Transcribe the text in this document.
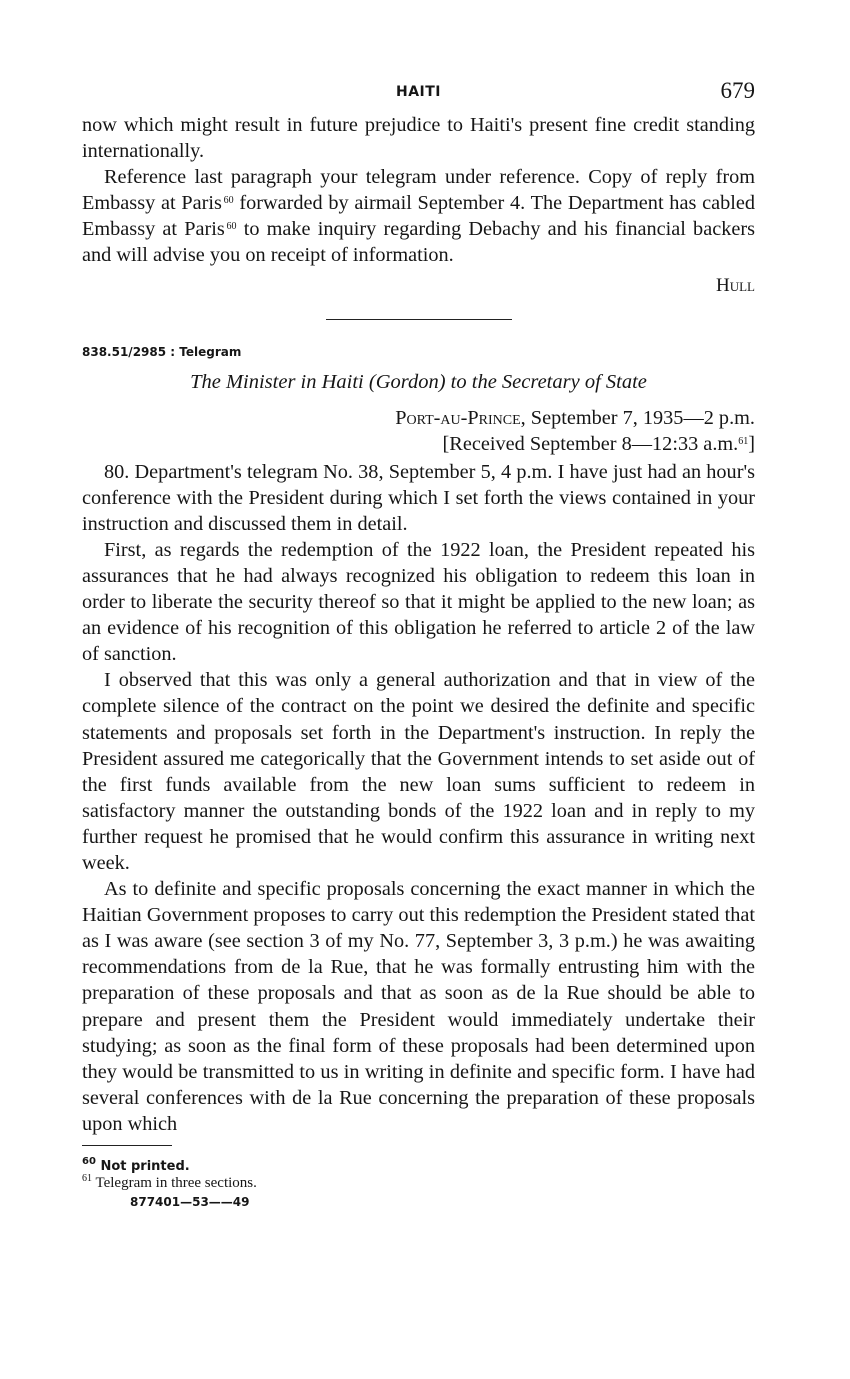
HAITI	679

now which might result in future prejudice to Haiti's present fine credit standing internationally.

Reference last paragraph your telegram under reference. Copy of reply from Embassy at Paris  $^{60}$ forwarded by airmail September 4. The Department has cabled Embassy at Paris  $^{60}$ to make inquiry regarding Debachy and his financial backers and will advise you on receipt of information.

Hull
838.51/2985 : Telegram
The Minister in Haiti (Gordon) to the Secretary of State
Port-au-Prince, September 7, 1935—2 p.m.
[Received September 8—12:33 a.m.$^{61}$]

80. Department's telegram No. 38, September 5, 4 p.m. I have just had an hour's conference with the President during which I set forth the views contained in your instruction and discussed them in detail.

First, as regards the redemption of the 1922 loan, the President repeated his assurances that he had always recognized his obligation to redeem this loan in order to liberate the security thereof so that it might be applied to the new loan; as an evidence of his recognition of this obligation he referred to article 2 of the law of sanction.

I observed that this was only a general authorization and that in view of the complete silence of the contract on the point we desired the definite and specific statements and proposals set forth in the Department's instruction. In reply the President assured me categorically that the Government intends to set aside out of the first funds available from the new loan sums sufficient to redeem in satisfactory manner the outstanding bonds of the 1922 loan and in reply to my further request he promised that he would confirm this assurance in writing next week.

As to definite and specific proposals concerning the exact manner in which the Haitian Government proposes to carry out this redemption the President stated that as I was aware (see section 3 of my No. 77, September 3, 3 p.m.) he was awaiting recommendations from de la Rue, that he was formally entrusting him with the preparation of these proposals and that as soon as de la Rue should be able to prepare and present them the President would immediately undertake their studying; as soon as the final form of these proposals had been determined upon they would be transmitted to us in writing in definite and specific form. I have had several conferences with de la Rue concerning the preparation of these proposals upon which

$^{60}$ Not printed.
$^{61}$ Telegram in three sections.
877401—53——49
